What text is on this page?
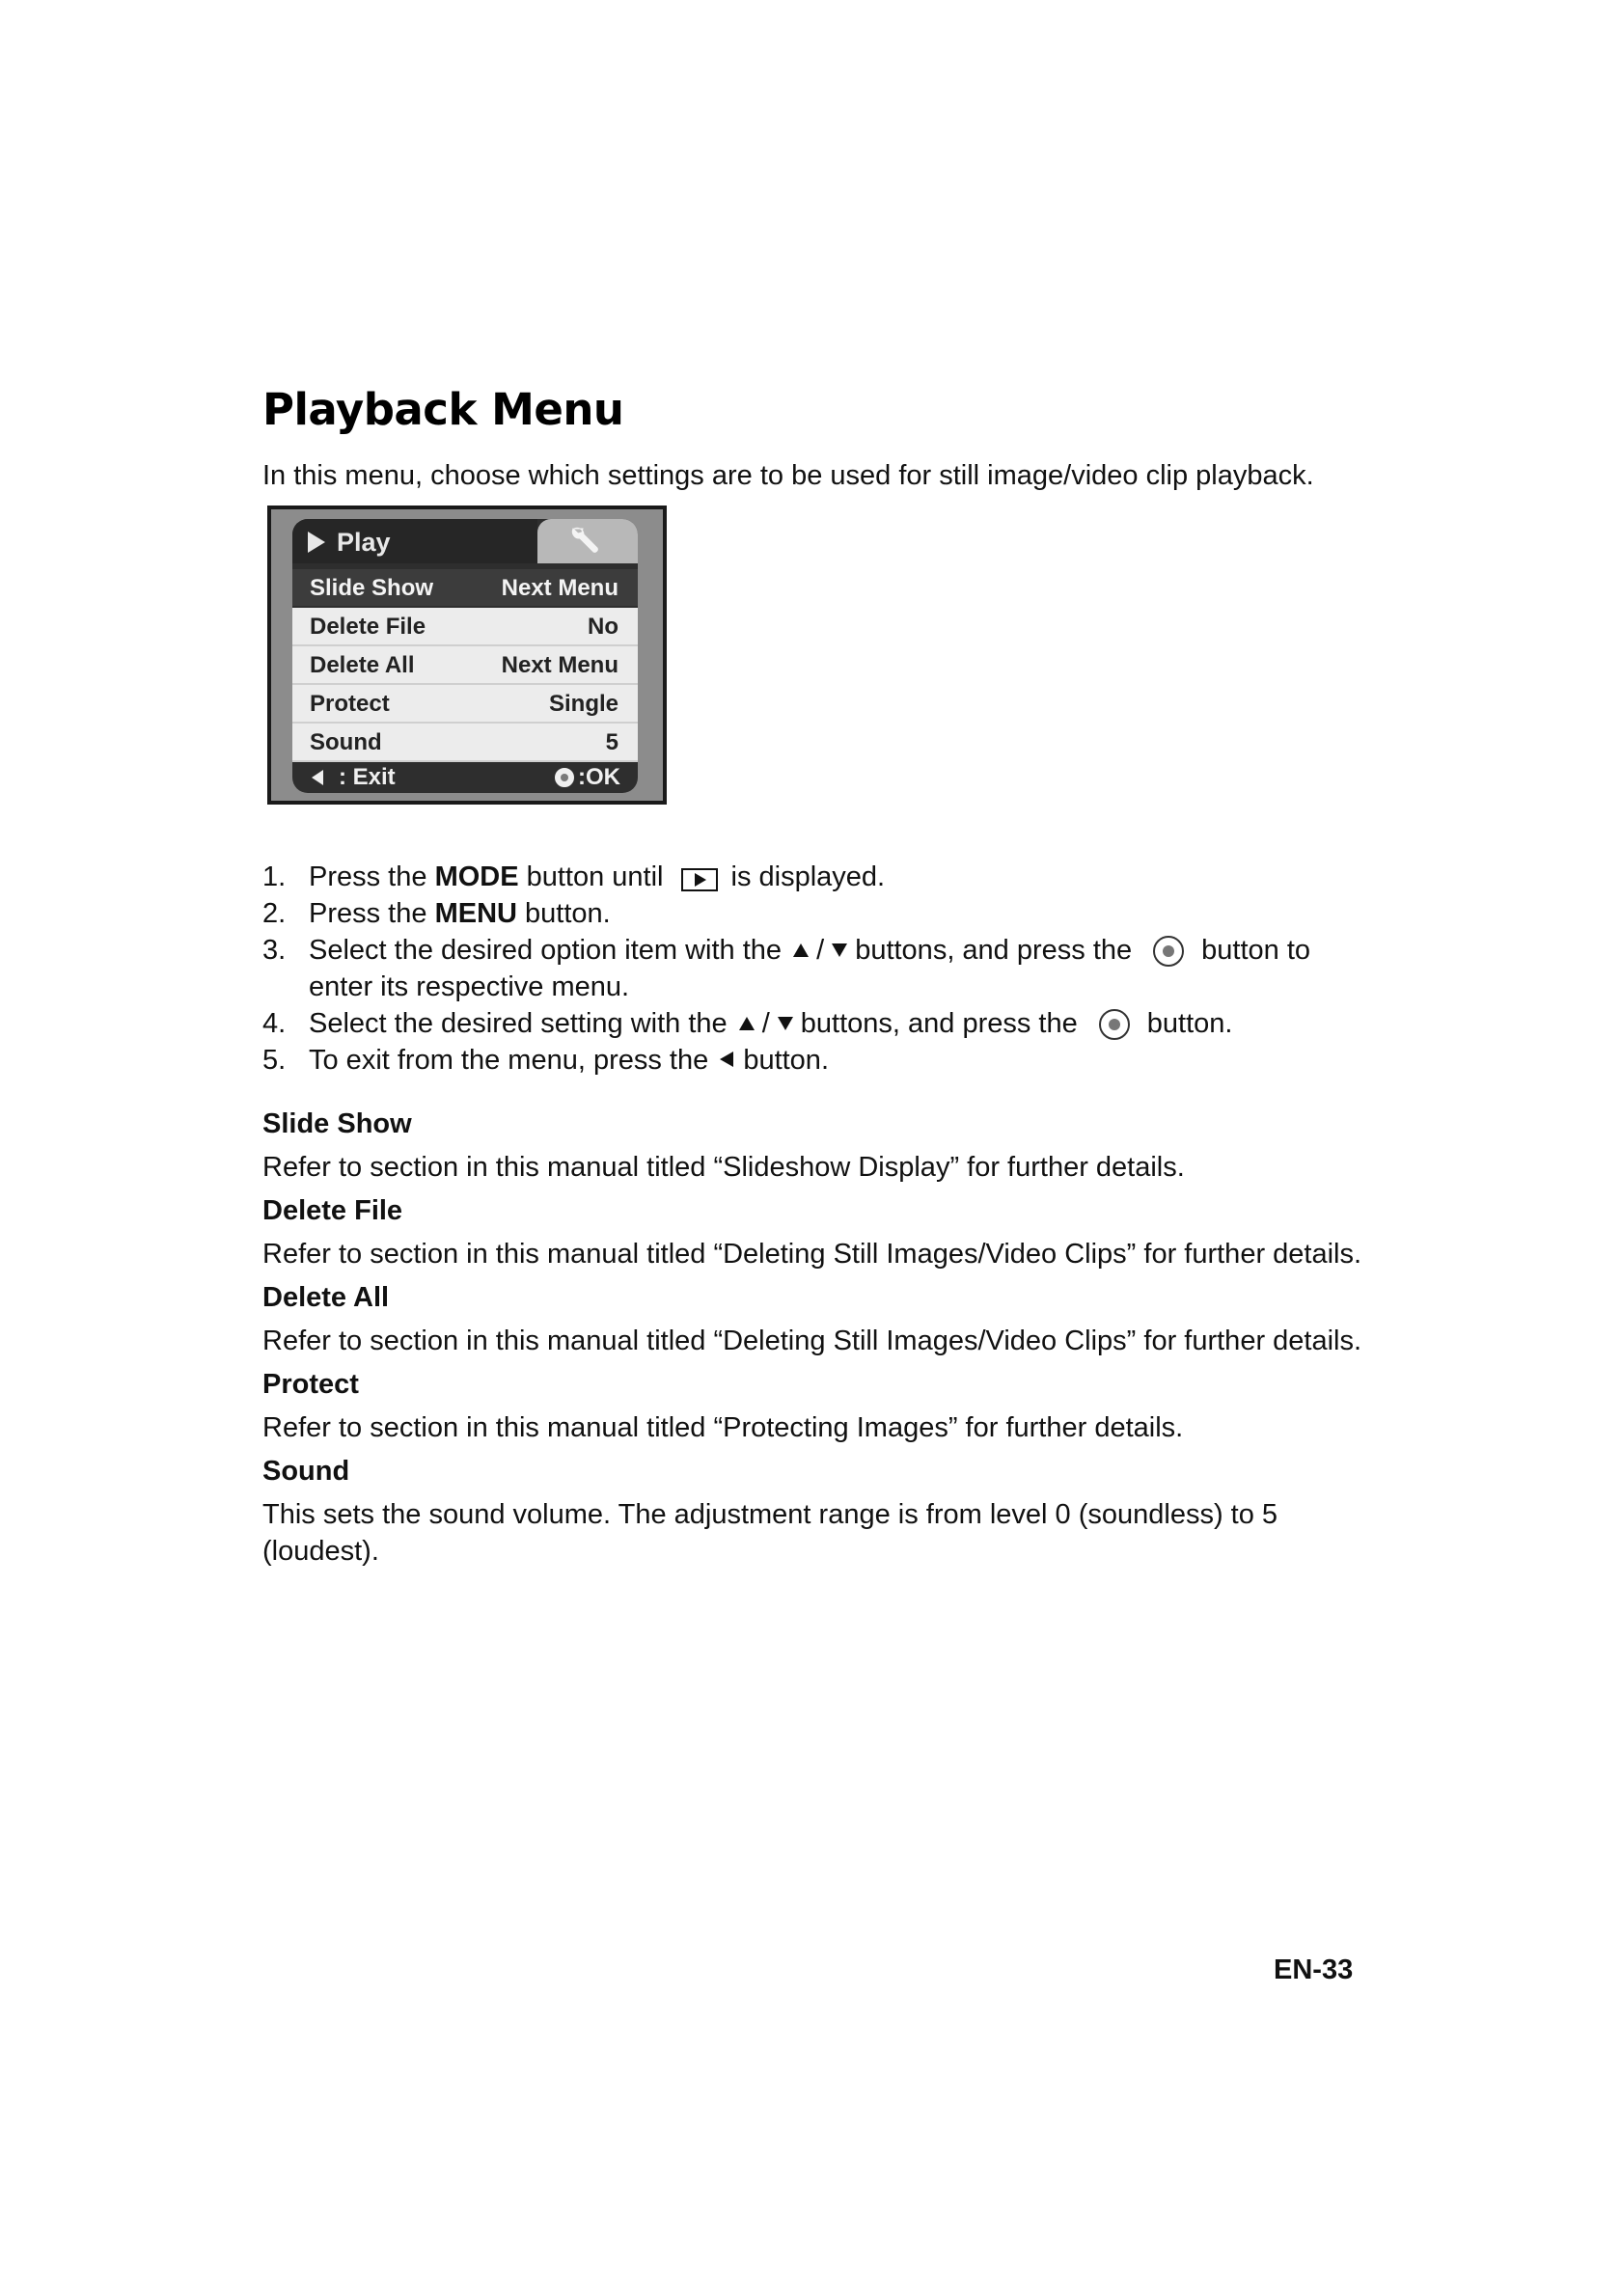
Playback Menu
In this menu, choose which settings are to be used for still image/video clip playback.
Play
Slide Show	Next Menu
Delete File	No
Delete All	Next Menu
Protect	Single
Sound	5
: Exit	:OK
1. Press the MODE button until is displayed.
2. Press the MENU button.
3. Select the desired option item with the / buttons, and press the button to
enter its respective menu.
4. Select the desired setting with the / buttons, and press the button.
5. To exit from the menu, press the button.
Slide Show

Refer to section in this manual titled “Slideshow Display” for further details.

Delete File

Refer to section in this manual titled “Deleting Still Images/Video Clips” for further details.

Delete All

Refer to section in this manual titled “Deleting Still Images/Video Clips” for further details.

Protect

Refer to section in this manual titled “Protecting Images” for further details.

Sound

This sets the sound volume. The adjustment range is from level 0 (soundless) to 5 (loudest).

EN-33
